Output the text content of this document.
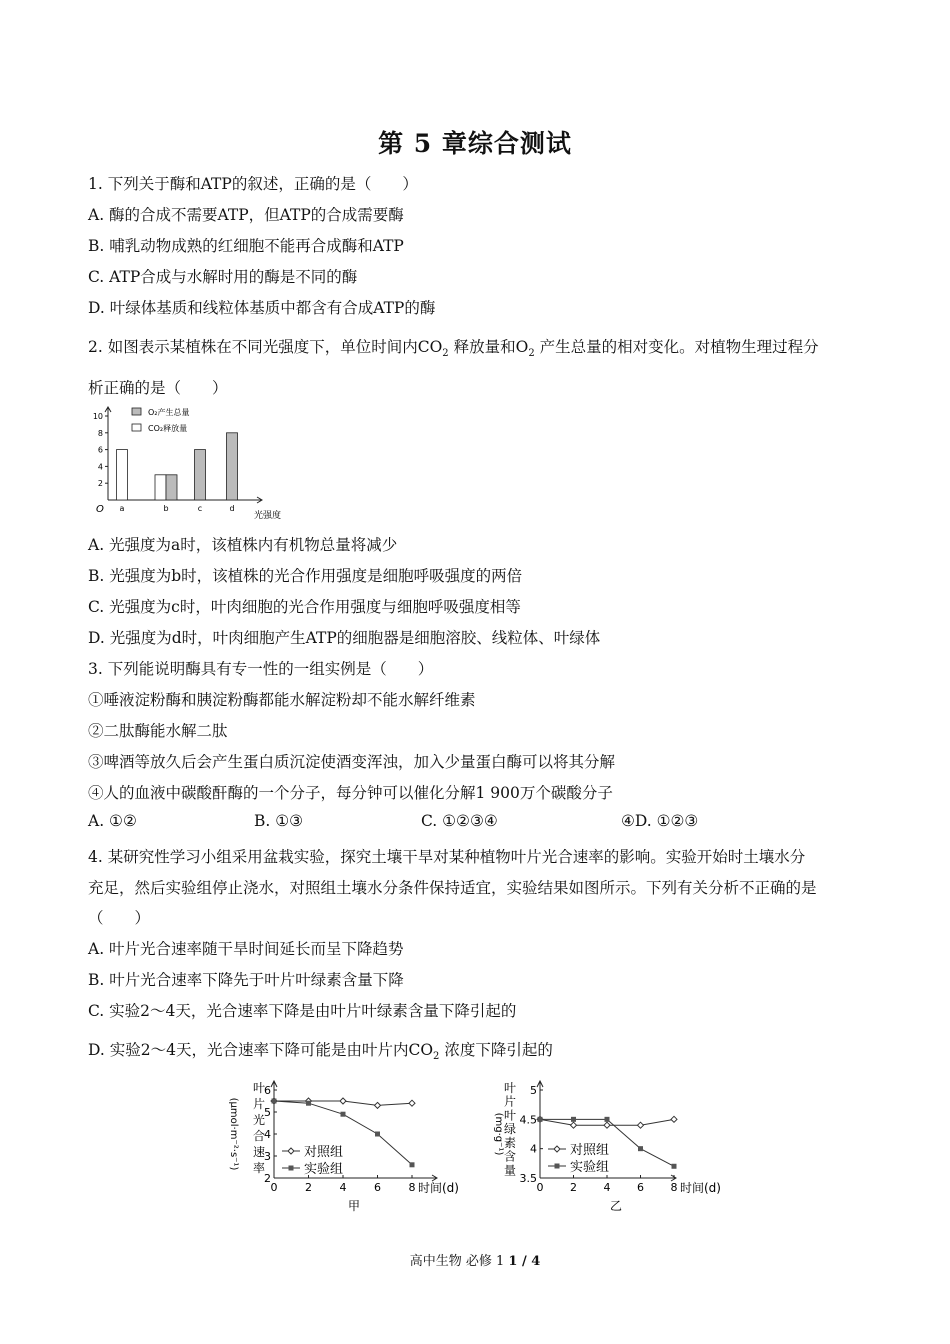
第 5 章综合测试
1. 下列关于酶和ATP的叙述，正确的是（　　）
A. 酶的合成不需要ATP，但ATP的合成需要酶
B. 哺乳动物成熟的红细胞不能再合成酶和ATP
C. ATP合成与水解时用的酶是不同的酶
D. 叶绿体基质和线粒体基质中都含有合成ATP的酶
2. 如图表示某植株在不同光强度下，单位时间内$CO_2$ 释放量和$O_2$ 产生总量的相对变化。对植物生理过程分
析正确的是（　　）
2
4
6
8
10
a	b	c	d
O₂产生总量
CO₂释放量
光强度
O
A. 光强度为a时，该植株内有机物总量将减少
B. 光强度为b时，该植株的光合作用强度是细胞呼吸强度的两倍
C. 光强度为c时，叶肉细胞的光合作用强度与细胞呼吸强度相等
D. 光强度为d时，叶肉细胞产生ATP的细胞器是细胞溶胶、线粒体、叶绿体
3. 下列能说明酶具有专一性的一组实例是（　　）
①唾液淀粉酶和胰淀粉酶都能水解淀粉却不能水解纤维素
②二肽酶能水解二肽
③啤酒等放久后会产生蛋白质沉淀使酒变浑浊，加入少量蛋白酶可以将其分解
④人的血液中碳酸酐酶的一个分子，每分钟可以催化分解1 900万个碳酸分子
A. ①②	B. ①③	C. ①②③④	④D. ①②③
4. 某研究性学习小组采用盆栽实验，探究土壤干旱对某种植物叶片光合速率的影响。实验开始时土壤水分
充足，然后实验组停止浇水，对照组土壤水分条件保持适宜，实验结果如图所示。下列有关分析不正确的是
（　　）
A. 叶片光合速率随干旱时间延长而呈下降趋势
B. 叶片光合速率下降先于叶片叶绿素含量下降
C. 实验2～4天，光合速率下降是由叶片叶绿素含量下降引起的
D. 实验2～4天，光合速率下降可能是由叶片内$CO_2$ 浓度下降引起的
2
3
4
5
6
0	2	4	6	8 时间(d)
甲
叶
片
光
合
速
率
(μmol·m⁻²·s⁻¹)	对照组
实验组
3.5
4
4.5
5
0 2 4 6 8 时间(d)
乙
叶
片
叶
绿
素
含
量
(mg·g⁻¹)	对照组
实验组
高中生物 必修 1 1 / 4
